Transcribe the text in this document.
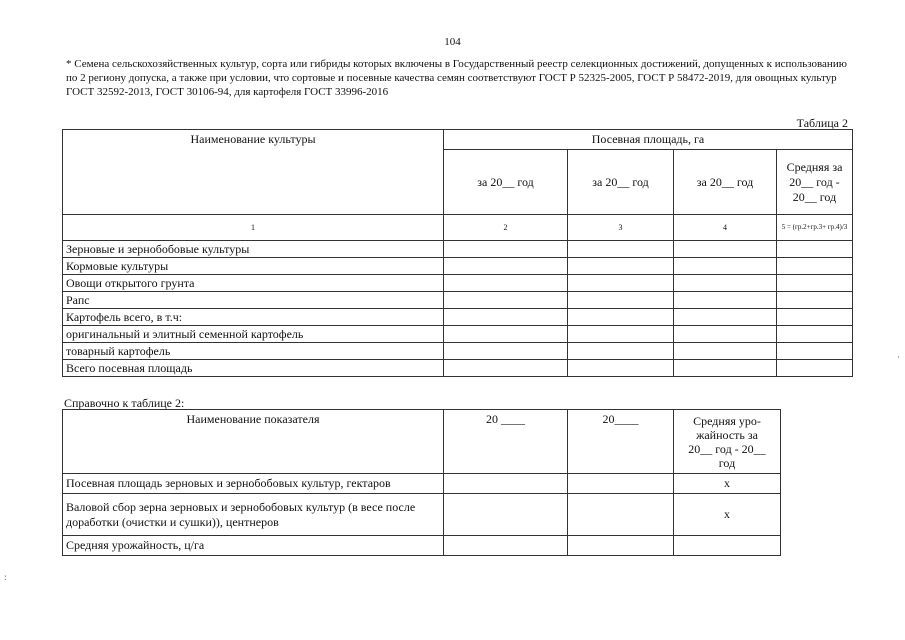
104
* Семена сельскохозяйственных культур, сорта или гибриды которых включены в Государственный реестр селекционных достижений, допущенных к использованию по 2 региону допуска, а также при условии, что сортовые и посевные качества семян соответствуют ГОСТ Р 52325-2005, ГОСТ Р 58472-2019, для овощных культур ГОСТ 32592-2013, ГОСТ 30106-94, для картофеля ГОСТ 33996-2016
Таблица 2
Наименование культуры	Посевная площадь, га			
	за 20__ год	за 20__ год	за 20__ год	Средняя за
20__ год -
20__ год

1	2	3	4	5 = (гр.2+гр.3+ гр.4)/3
Зерновые и зернобобовые культуры				
Кормовые культуры				
Овощи открытого грунта				
Рапс				
Картофель всего, в т.ч:				
оригинальный и элитный семенной картофель				
товарный картофель				
Всего посевная площадь				
Справочно к таблице 2:
Наименование показателя	20 ____	20____	Средняя уро-
жайность за
20__ год - 20__
год

Посевная площадь зерновых и зернобобовых культур, гектаров			х
Валовой сбор зерна зерновых и зернобобовых культур (в весе после доработки (очистки и сушки)), центнеров			х
Средняя урожайность, ц/га			
:
·
